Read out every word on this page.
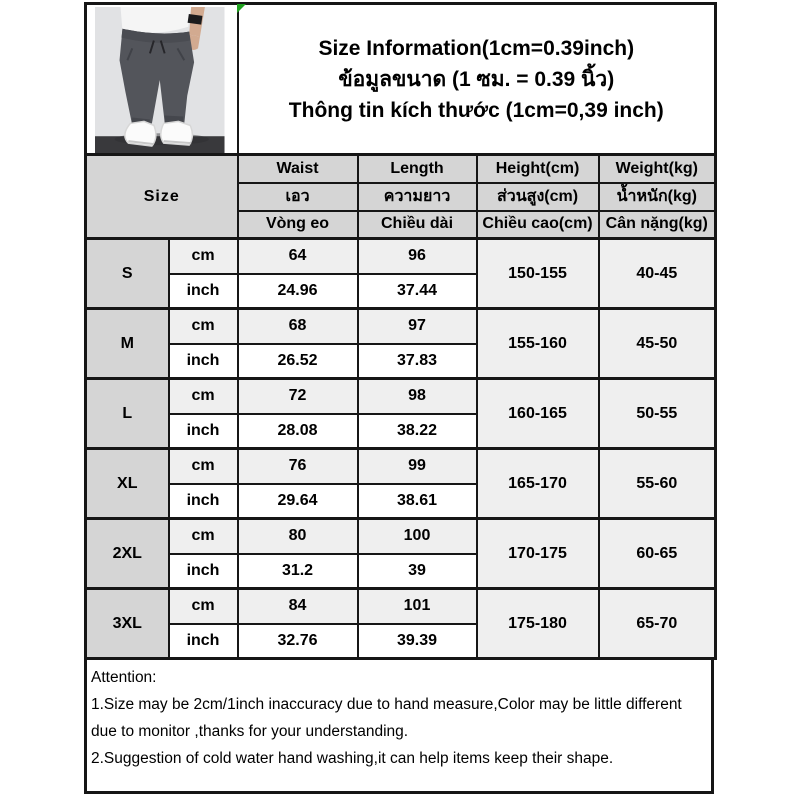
Size Information(1cm=0.39inch)
ข้อมูลขนาด (1 ซม. = 0.39 นิ้ว)
Thông tin kích thước (1cm=0,39 inch)			

Size		Waist	Length	Height(cm)	Weight(kg)
		เอว	ความยาว	ส่วนสูง(cm)	น้ำหนัก(kg)
		Vòng eo	Chiều dài	Chiều cao(cm)	Cân nặng(kg)
S	cm	64	96	150-155	40-45
	inch	24.96	37.44		
M	cm	68	97	155-160	45-50
	inch	26.52	37.83		
L	cm	72	98	160-165	50-55
	inch	28.08	38.22		
XL	cm	76	99	165-170	55-60
	inch	29.64	38.61		
2XL	cm	80	100	170-175	60-65
	inch	31.2	39		
3XL	cm	84	101	175-180	65-70
	inch	32.76	39.39		
Attention:
1.Size may be 2cm/1inch inaccuracy due to hand measure,Color may be little different due to monitor ,thanks for your understanding.
2.Suggestion of cold water hand washing,it can help items keep their shape.
